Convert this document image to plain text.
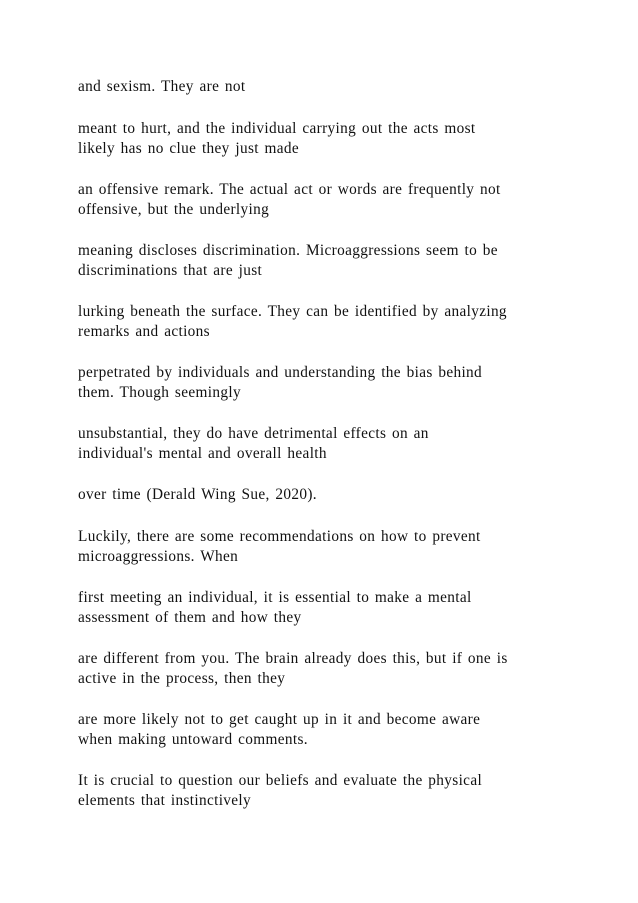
and sexism. They are not
meant to hurt, and the individual carrying out the acts most
likely has no clue they just made
an offensive remark. The actual act or words are frequently not
offensive, but the underlying
meaning discloses discrimination. Microaggressions seem to be
discriminations that are just
lurking beneath the surface. They can be identified by analyzing
remarks and actions
perpetrated by individuals and understanding the bias behind
them. Though seemingly
unsubstantial, they do have detrimental effects on an
individual's mental and overall health
over time (Derald Wing Sue, 2020).
Luckily, there are some recommendations on how to prevent
microaggressions. When
first meeting an individual, it is essential to make a mental
assessment of them and how they
are different from you. The brain already does this, but if one is
active in the process, then they
are more likely not to get caught up in it and become aware
when making untoward comments.
It is crucial to question our beliefs and evaluate the physical
elements that instinctively
